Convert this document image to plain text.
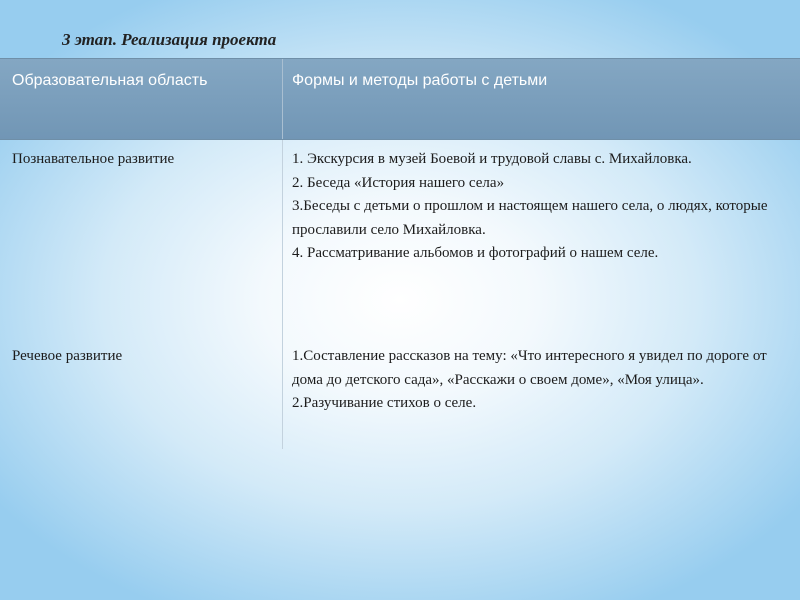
3 этап. Реализация проекта
Образовательная область	Формы и методы работы с детьми
Познавательное развитие	1. Экскурсия в музей Боевой и трудовой славы с. Михайловка.
2. Беседа «История нашего села»
3.Беседы с детьми о прошлом и настоящем нашего села, о людях, которые прославили село Михайловка.
4. Рассматривание альбомов и фотографий о нашем селе.
Речевое развитие	1.Составление рассказов на тему: «Что интересного я увидел по дороге от дома до детского сада», «Расскажи о своем доме», «Моя улица».
2.Разучивание стихов о селе.
